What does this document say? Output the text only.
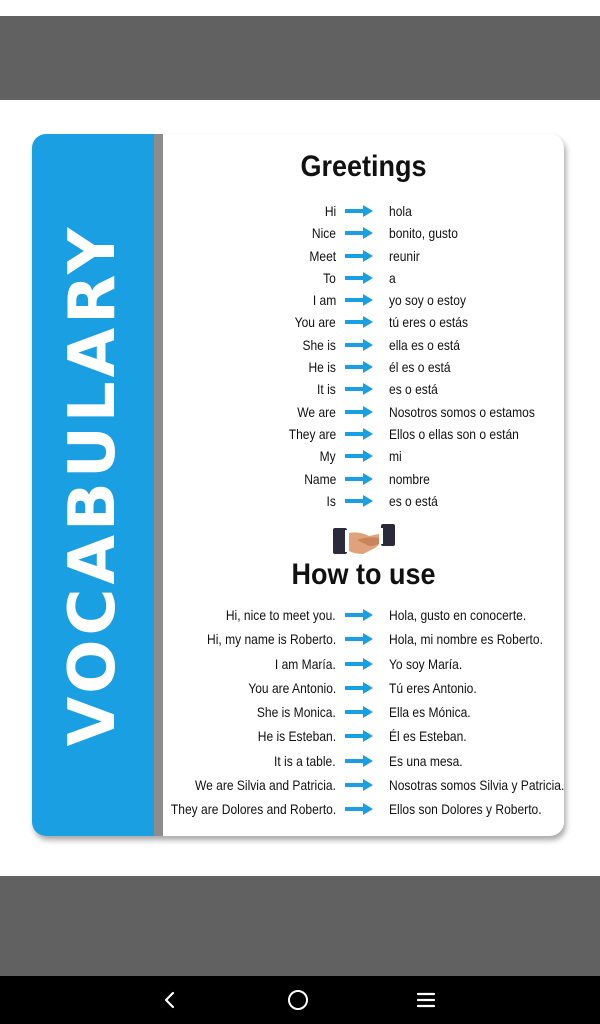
VOCABULARY
Greetings
Hi	hola
Nice	bonito, gusto
Meet	reunir
To	a
I am	yo soy o estoy
You are	tú eres o estás
She is	ella es o está
He is	él es o está
It is	es o está
We are	Nosotros somos o estamos
They are	Ellos o ellas son o están
My	mi
Name	nombre
Is	es o está
How to use
Hi, nice to meet you.	Hola, gusto en conocerte.
Hi, my name is Roberto.	Hola, mi nombre es Roberto.
I am María.	Yo soy María.
You are Antonio.	Tú eres Antonio.
She is Monica.	Ella es Mónica.
He is Esteban.	Él es Esteban.
It is a table.	Es una mesa.
We are Silvia and Patricia.	Nosotras somos Silvia y Patricia.
They are Dolores and Roberto.	Ellos son Dolores y Roberto.
